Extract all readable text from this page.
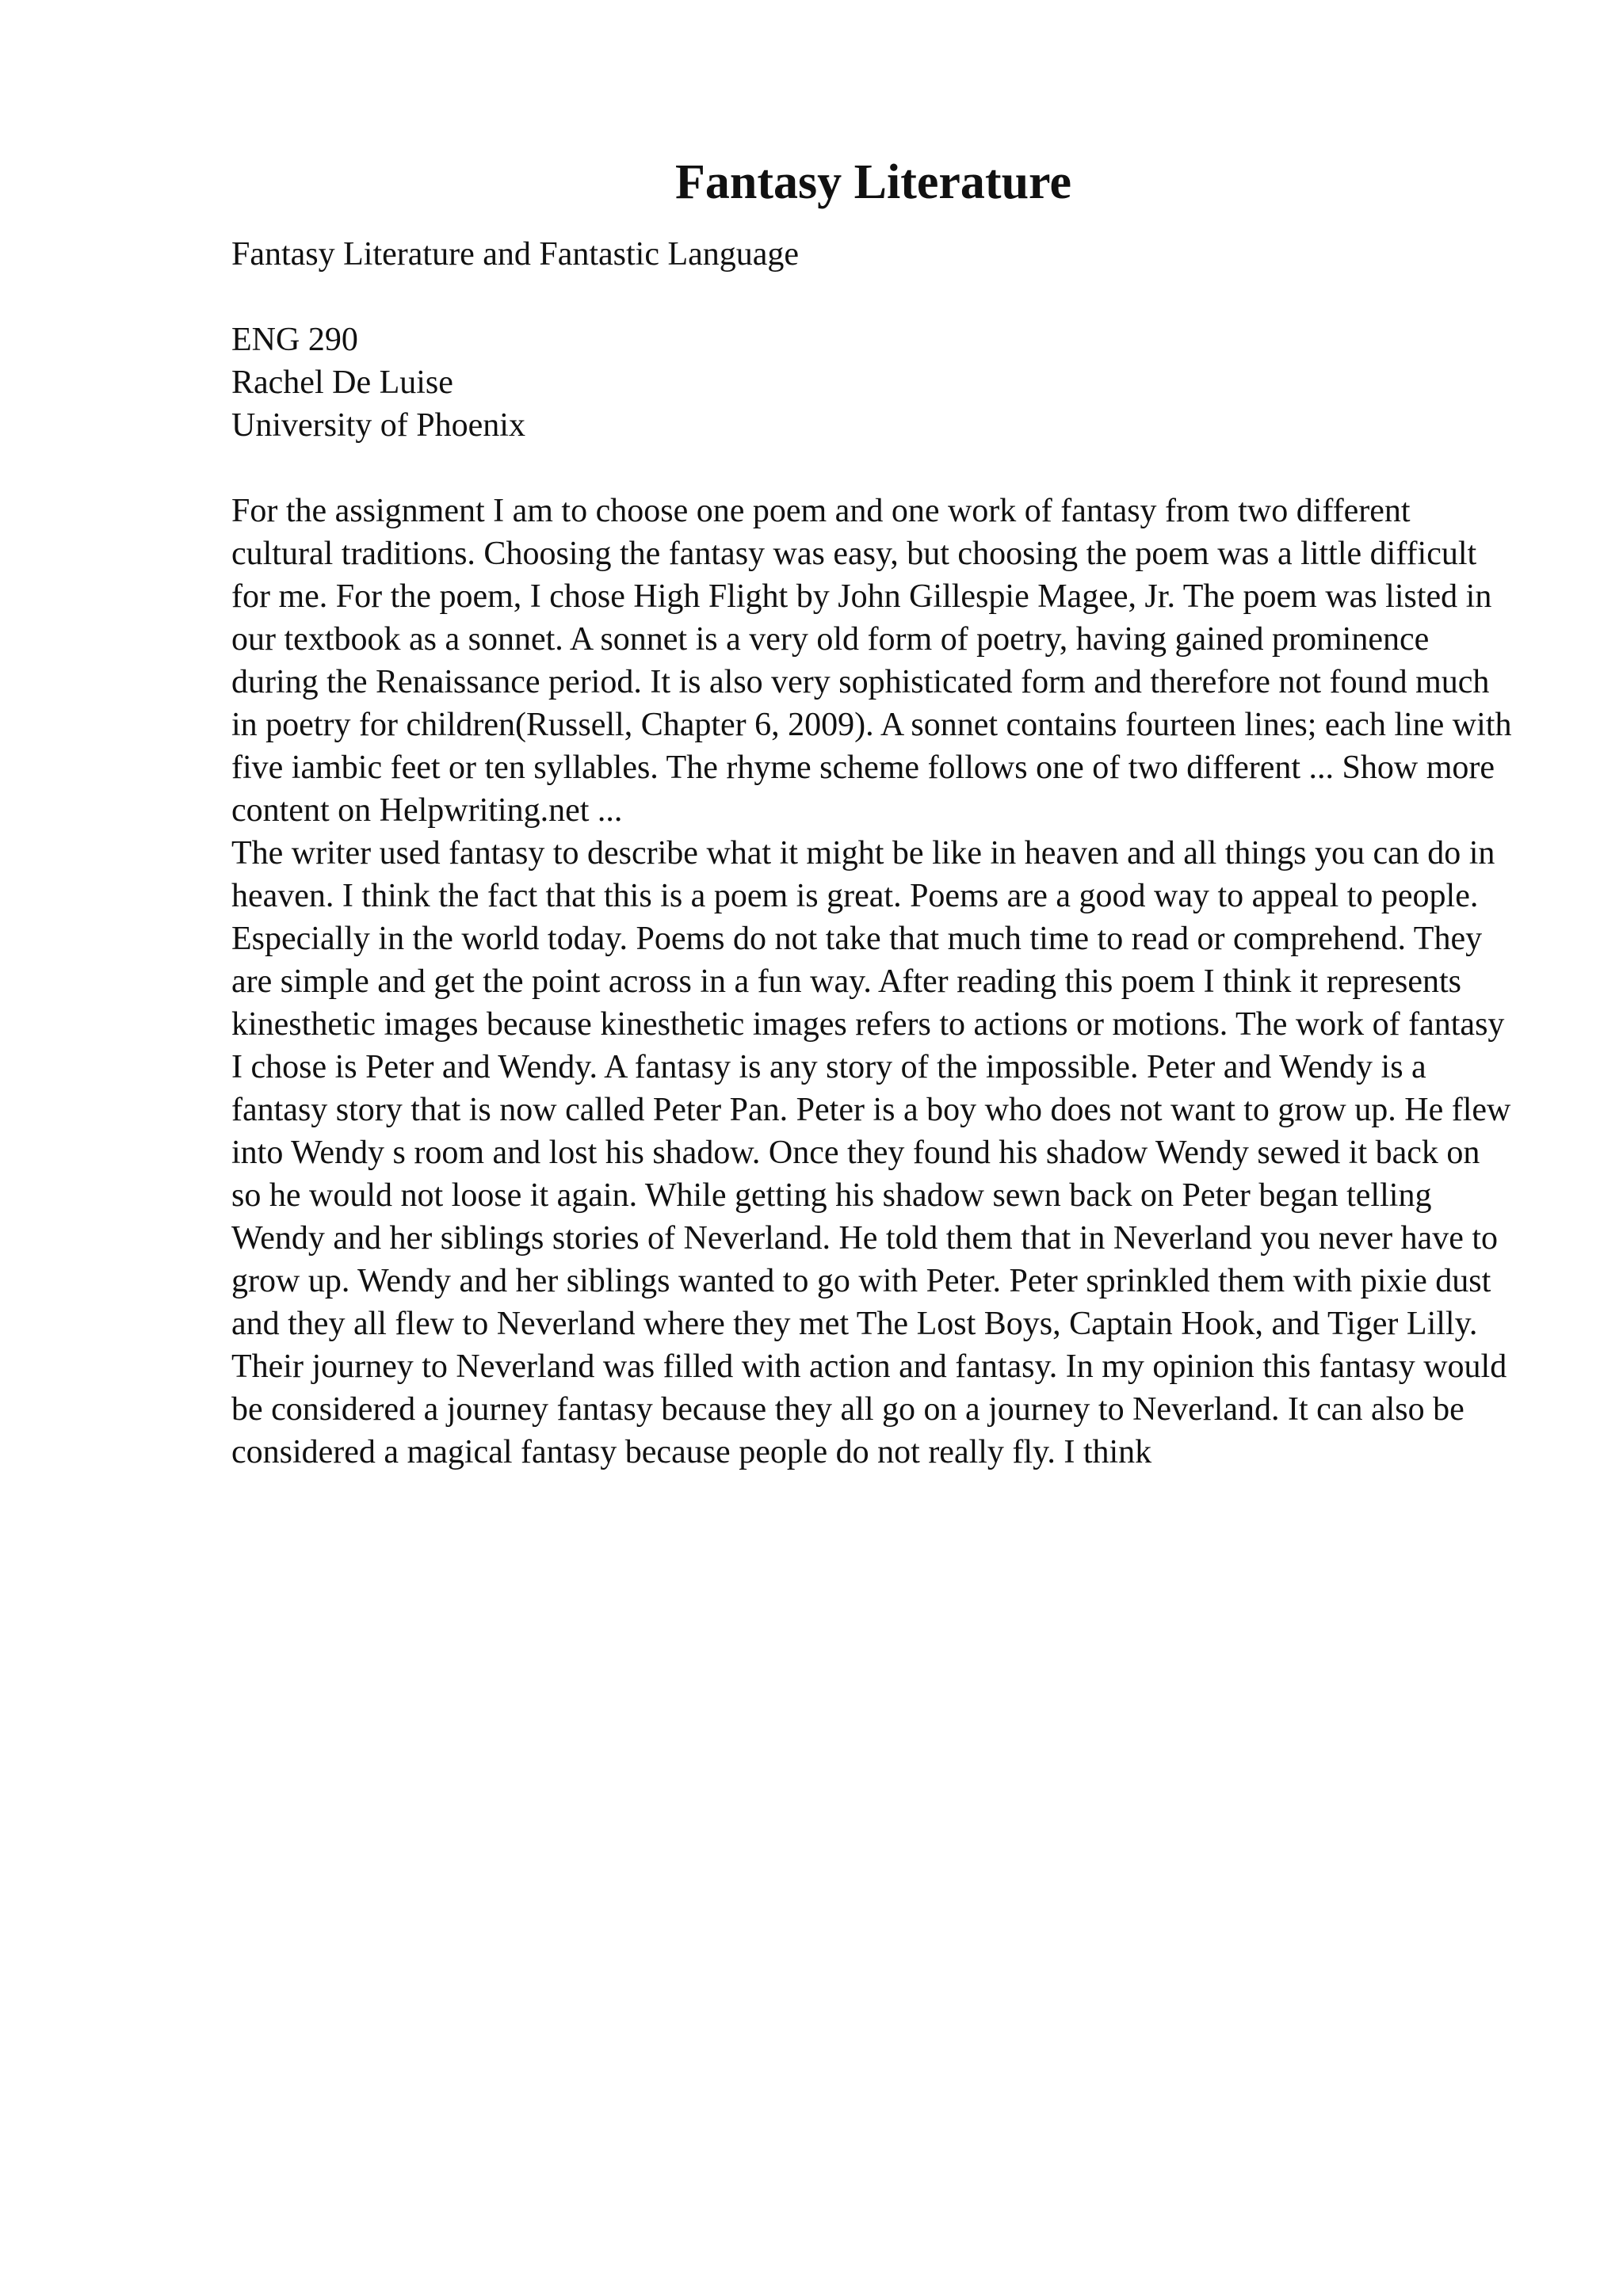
Fantasy Literature
Fantasy Literature and Fantastic Language
ENG 290
Rachel De Luise
University of Phoenix

For the assignment I am to choose one poem and one work of fantasy from two different cultural traditions. Choosing the fantasy was easy, but choosing the poem was a little difficult for me. For the poem, I chose High Flight by John Gillespie Magee, Jr. The poem was listed in our textbook as a sonnet. A sonnet is a very old form of poetry, having gained prominence during the Renaissance period. It is also very sophisticated form and therefore not found much in poetry for children(Russell, Chapter 6, 2009). A sonnet contains fourteen lines; each line with five iambic feet or ten syllables. The rhyme scheme follows one of two different ... Show more content on Helpwriting.net ...

The writer used fantasy to describe what it might be like in heaven and all things you can do in heaven. I think the fact that this is a poem is great. Poems are a good way to appeal to people. Especially in the world today. Poems do not take that much time to read or comprehend. They are simple and get the point across in a fun way. After reading this poem I think it represents kinesthetic images because kinesthetic images refers to actions or motions. The work of fantasy I chose is Peter and Wendy. A fantasy is any story of the impossible. Peter and Wendy is a fantasy story that is now called Peter Pan. Peter is a boy who does not want to grow up. He flew into Wendy s room and lost his shadow. Once they found his shadow Wendy sewed it back on so he would not loose it again. While getting his shadow sewn back on Peter began telling Wendy and her siblings stories of Neverland. He told them that in Neverland you never have to grow up. Wendy and her siblings wanted to go with Peter. Peter sprinkled them with pixie dust and they all flew to Neverland where they met The Lost Boys, Captain Hook, and Tiger Lilly. Their journey to Neverland was filled with action and fantasy. In my opinion this fantasy would be considered a journey fantasy because they all go on a journey to Neverland. It can also be considered a magical fantasy because people do not really fly. I think
